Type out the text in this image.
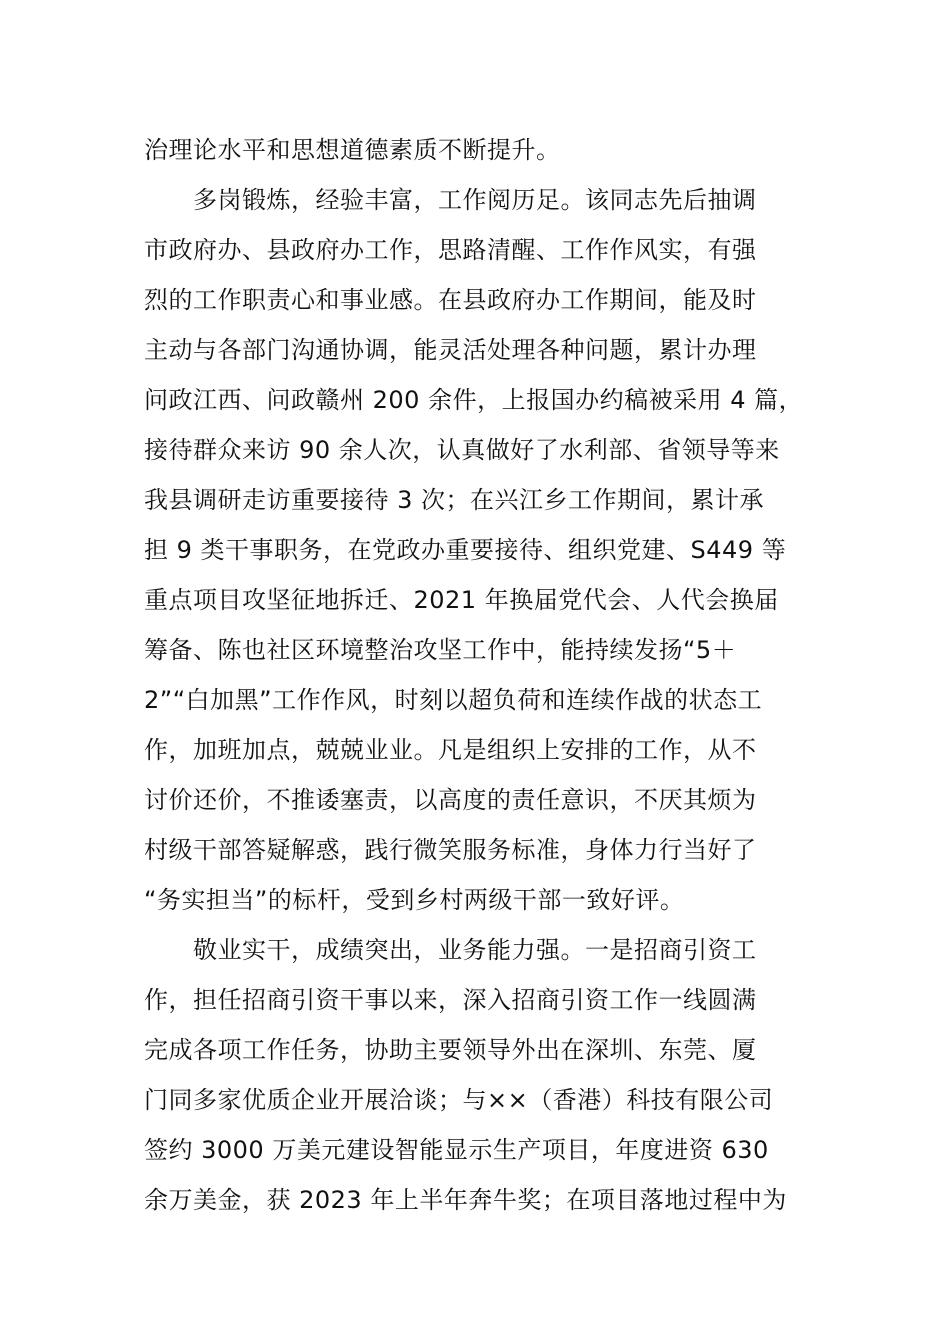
治理论水平和思想道德素质不断提升。
多岗锻炼，经验丰富，工作阅历足。该同志先后抽调
市政府办、县政府办工作，思路清醒、工作作风实，有强
烈的工作职责心和事业感。在县政府办工作期间，能及时
主动与各部门沟通协调，能灵活处理各种问题，累计办理
问政江西、问政赣州 200 余件，上报国办约稿被采用 4 篇，
接待群众来访 90 余人次，认真做好了水利部、省领导等来
我县调研走访重要接待 3 次；在兴江乡工作期间，累计承
担 9 类干事职务，在党政办重要接待、组织党建、S449 等
重点项目攻坚征地拆迁、2021 年换届党代会、人代会换届
筹备、陈也社区环境整治攻坚工作中，能持续发扬“5＋
2”“白加黑”工作作风，时刻以超负荷和连续作战的状态工
作，加班加点，兢兢业业。凡是组织上安排的工作，从不
讨价还价，不推诿塞责，以高度的责任意识，不厌其烦为
村级干部答疑解惑，践行微笑服务标准，身体力行当好了
“务实担当”的标杆，受到乡村两级干部一致好评。
敬业实干，成绩突出，业务能力强。一是招商引资工
作，担任招商引资干事以来，深入招商引资工作一线圆满
完成各项工作任务，协助主要领导外出在深圳、东莞、厦
门同多家优质企业开展洽谈；与××（香港）科技有限公司
签约 3000 万美元建设智能显示生产项目，年度进资 630
余万美金，获 2023 年上半年奔牛奖；在项目落地过程中为
